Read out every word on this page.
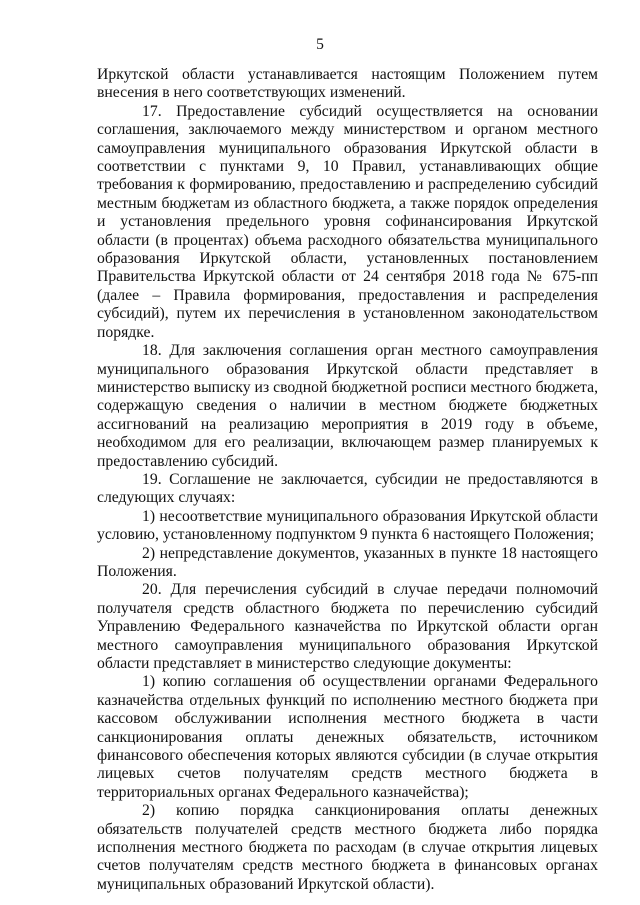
5

Иркутской области устанавливается настоящим Положением путем внесения в него соответствующих изменений.

17. Предоставление субсидий осуществляется на основании соглашения, заключаемого между министерством и органом местного самоуправления муниципального образования Иркутской области в соответствии с пунктами 9, 10 Правил, устанавливающих общие требования к формированию, предоставлению и распределению субсидий местным бюджетам из областного бюджета, а также порядок определения и установления предельного уровня софинансирования Иркутской области (в процентах) объема расходного обязательства муниципального образования Иркутской области, установленных постановлением Правительства Иркутской области от 24 сентября 2018 года № 675-пп (далее – Правила формирования, предоставления и распределения субсидий), путем их перечисления в установленном законодательством порядке.

18. Для заключения соглашения орган местного самоуправления муниципального образования Иркутской области представляет в министерство выписку из сводной бюджетной росписи местного бюджета, содержащую сведения о наличии в местном бюджете бюджетных ассигнований на реализацию мероприятия в 2019 году в объеме, необходимом для его реализации, включающем размер планируемых к предоставлению субсидий.

19. Соглашение не заключается, субсидии не предоставляются в следующих случаях:

1) несоответствие муниципального образования Иркутской области условию, установленному подпунктом 9 пункта 6 настоящего Положения;

2) непредставление документов, указанных в пункте 18 настоящего Положения.

20. Для перечисления субсидий в случае передачи полномочий получателя средств областного бюджета по перечислению субсидий Управлению Федерального казначейства по Иркутской области орган местного самоуправления муниципального образования Иркутской области представляет в министерство следующие документы:

1) копию соглашения об осуществлении органами Федерального казначейства отдельных функций по исполнению местного бюджета при кассовом обслуживании исполнения местного бюджета в части санкционирования оплаты денежных обязательств, источником финансового обеспечения которых являются субсидии (в случае открытия лицевых счетов получателям средств местного бюджета в территориальных органах Федерального казначейства);

2) копию порядка санкционирования оплаты денежных обязательств получателей средств местного бюджета либо порядка исполнения местного бюджета по расходам (в случае открытия лицевых счетов получателям средств местного бюджета в финансовых органах муниципальных образований Иркутской области).
